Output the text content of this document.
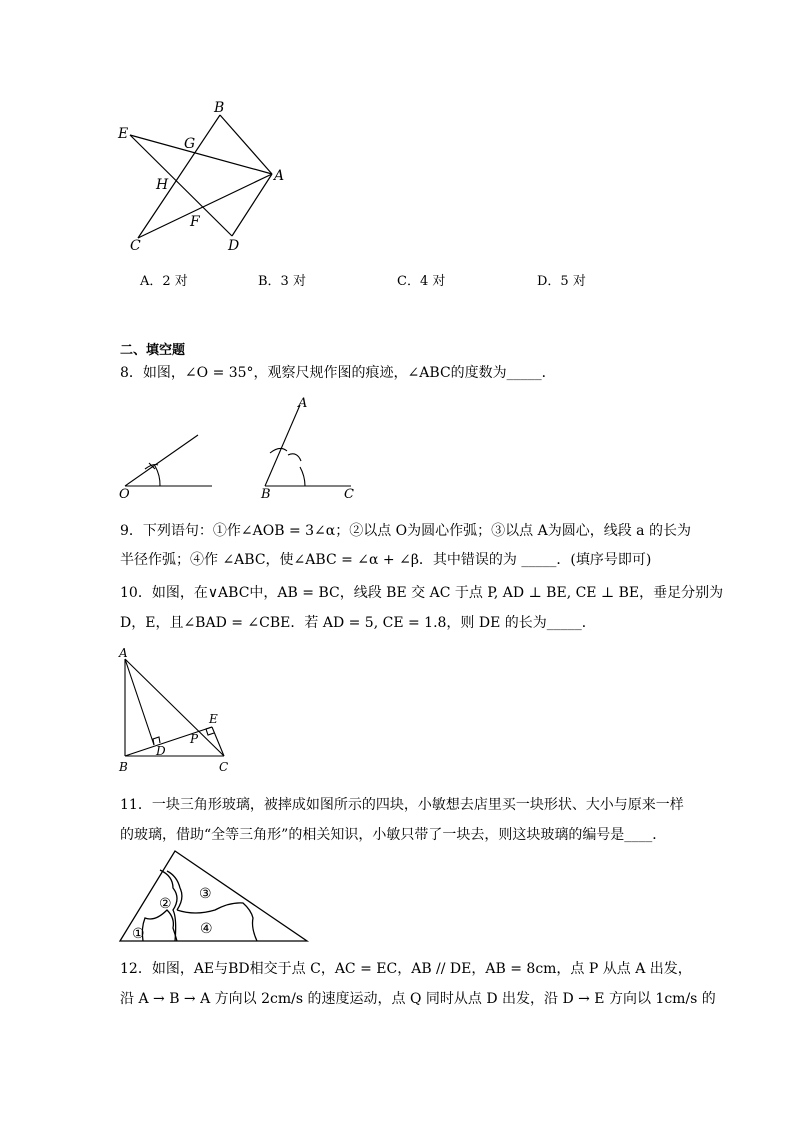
B
E
G
H
A
F
C	D
A．2 对	B．3 对	C．4 对	D．5 对
二、填空题
8．如图，∠O = 35°，观察尺规作图的痕迹，∠ABC的度数为_____．
O
A
B	C
9．下列语句：①作∠AOB = 3∠α；②以点 O为圆心作弧；③以点 A为圆心，线段 a 的长为
半径作弧；④作 ∠ABC，使∠ABC = ∠α + ∠β．其中错误的为 _____．(填序号即可)
10．如图，在∨ABC中，AB = BC，线段 BE 交 AC 于点 P, AD ⊥ BE, CE ⊥ BE，垂足分别为
D，E，且∠BAD = ∠CBE．若 AD = 5, CE = 1.8，则 DE 的长为_____．
A
E
P
D
B	C
11．一块三角形玻璃，被摔成如图所示的四块，小敏想去店里买一块形状、大小与原来一样
的玻璃，借助“全等三角形”的相关知识，小敏只带了一块去，则这块玻璃的编号是____．
①
②
③
④
12．如图，AE与BD相交于点 C，AC = EC，AB // DE，AB = 8cm，点 P 从点 A 出发，
沿 A → B → A 方向以 2cm/s 的速度运动，点 Q 同时从点 D 出发，沿 D → E 方向以 1cm/s 的
